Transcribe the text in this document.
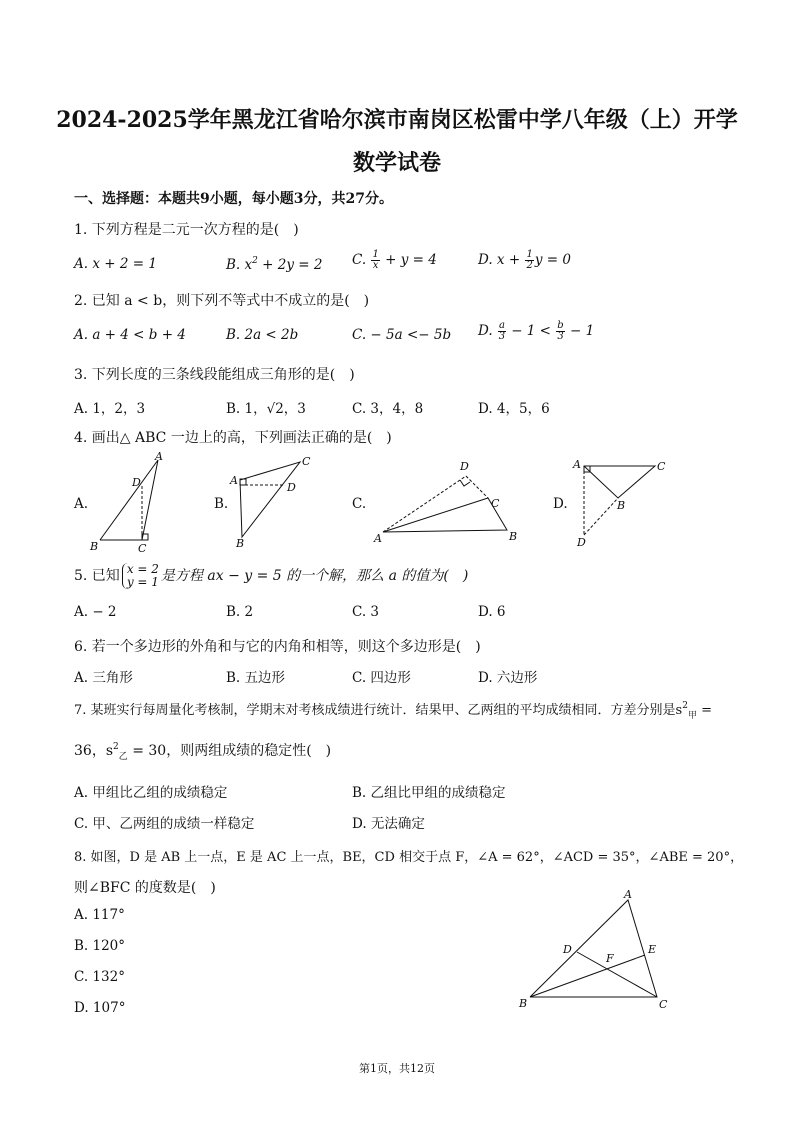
2024-2025学年黑龙江省哈尔滨市南岗区松雷中学八年级（上）开学
数学试卷
一、选择题：本题共9小题，每小题3分，共27分。
1. 下列方程是二元一次方程的是(　)
A. x + 2 = 1	B. $x^2 + 2y = 2$ C. $\frac{1}{x} + y = 4$	D. $x + \frac{1}{2}$ y = 0
2. 已知 a < b，则下列不等式中不成立的是(　)
A. a + 4 < b + 4	B. 2a < 2b	C. − 5a <− 5b D. $\frac{a}{3} - 1 < \frac{b}{3} - 1$
3. 下列长度的三条线段能组成三角形的是(　)
A. 1，2，3	B. 1，√2，3	C. 3，4，8	D. 4，5，6
4. 画出△ ABC 一边上的高，下列画法正确的是(　)
A.	B.	C.	D.
A
D
B	C
C
A
D
B
D
C
A	B
A	C
B
D
A
D	E
F
B	C
5. 已知 x = 2
y = 1 是方程 ax − y = 5 的一个解，那么 a 的值为(　)
A. − 2	B. 2	C. 3	D. 6
6. 若一个多边形的外角和与它的内角和相等，则这个多边形是(　)
A. 三角形	B. 五边形	C. 四边形	D. 六边形
7. 某班实行每周量化考核制，学期末对考核成绩进行统计．结果甲、乙两组的平均成绩相同．方差分别是$s^2_甲$ =
36，$s^2_乙 = 30$，则两组成绩的稳定性(　)
A. 甲组比乙组的成绩稳定	B. 乙组比甲组的成绩稳定
C. 甲、乙两组的成绩一样稳定	D. 无法确定
8. 如图，D 是 AB 上一点，E 是 AC 上一点，BE，CD 相交于点 F，∠A = 62°，∠ACD = 35°，∠ABE = 20°，
则∠BFC 的度数是(　)
A. 117°
B. 120°
C. 132°
D. 107°
第1页，共12页
